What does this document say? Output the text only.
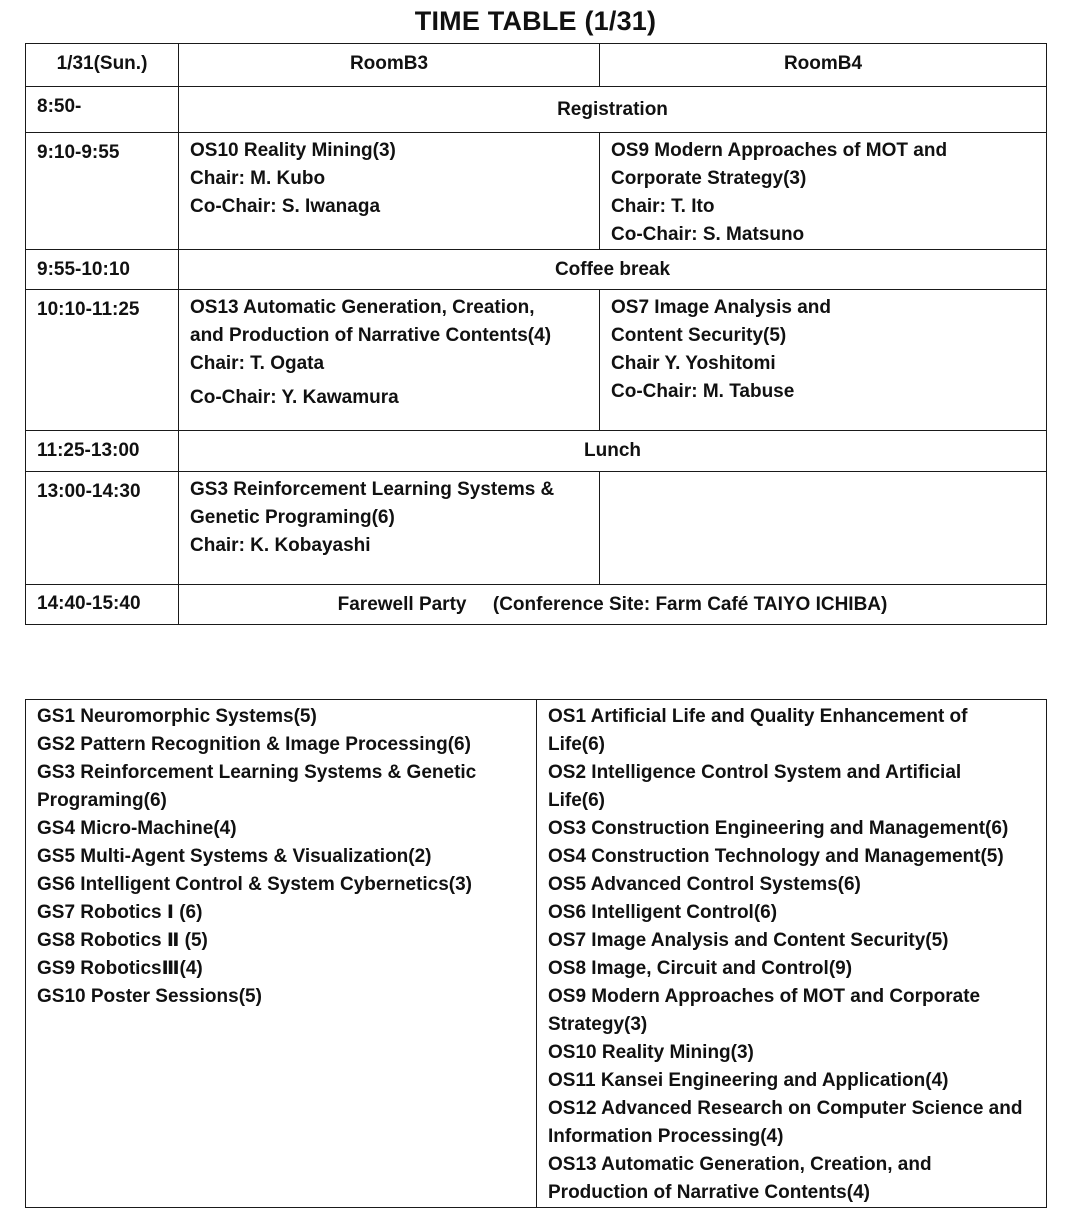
TIME TABLE (1/31)
1/31(Sun.)	RoomB3	RoomB4
8:50-	Registration	
9:10-9:55	OS10 Reality Mining(3)
Chair: M. Kubo
Co-Chair: S. Iwanaga	OS9 Modern Approaches of MOT and
Corporate Strategy(3)
Chair: T. Ito
Co-Chair: S. Matsuno

9:55-10:10	Coffee break	
10:10-11:25	OS13 Automatic Generation, Creation,
and Production of Narrative Contents(4)
Chair: T. Ogata
Co-Chair: Y. Kawamura	OS7 Image Analysis and
Content Security(5)
Chair Y. Yoshitomi
Co-Chair: M. Tabuse

11:25-13:00	Lunch	
13:00-14:30	GS3 Reinforcement Learning Systems &
Genetic Programing(6)
Chair: K. Kobayashi	

14:40-15:40	Farewell Party     (Conference Site: Farm Café TAIYO ICHIBA)	
GS1 Neuromorphic Systems(5)
GS2 Pattern Recognition & Image Processing(6)
GS3 Reinforcement Learning Systems & Genetic Programing(6)
GS4 Micro-Machine(4)
GS5 Multi-Agent Systems & Visualization(2)
GS6 Intelligent Control & System Cybernetics(3)
GS7 Robotics Ⅰ (6)
GS8 Robotics Ⅱ (5)
GS9 RoboticsⅢ(4)
GS10 Poster Sessions(5)

OS1 Artificial Life and Quality Enhancement of Life(6)
OS2 Intelligence Control System and Artificial Life(6)
OS3 Construction Engineering and Management(6)
OS4 Construction Technology and Management(5)
OS5 Advanced Control Systems(6)
OS6 Intelligent Control(6)
OS7 Image Analysis and Content Security(5)
OS8 Image, Circuit and Control(9)
OS9 Modern Approaches of MOT and Corporate Strategy(3)
OS10 Reality Mining(3)
OS11 Kansei Engineering and Application(4)
OS12 Advanced Research on Computer Science and Information Processing(4)
OS13 Automatic Generation, Creation, and Production of Narrative Contents(4)
